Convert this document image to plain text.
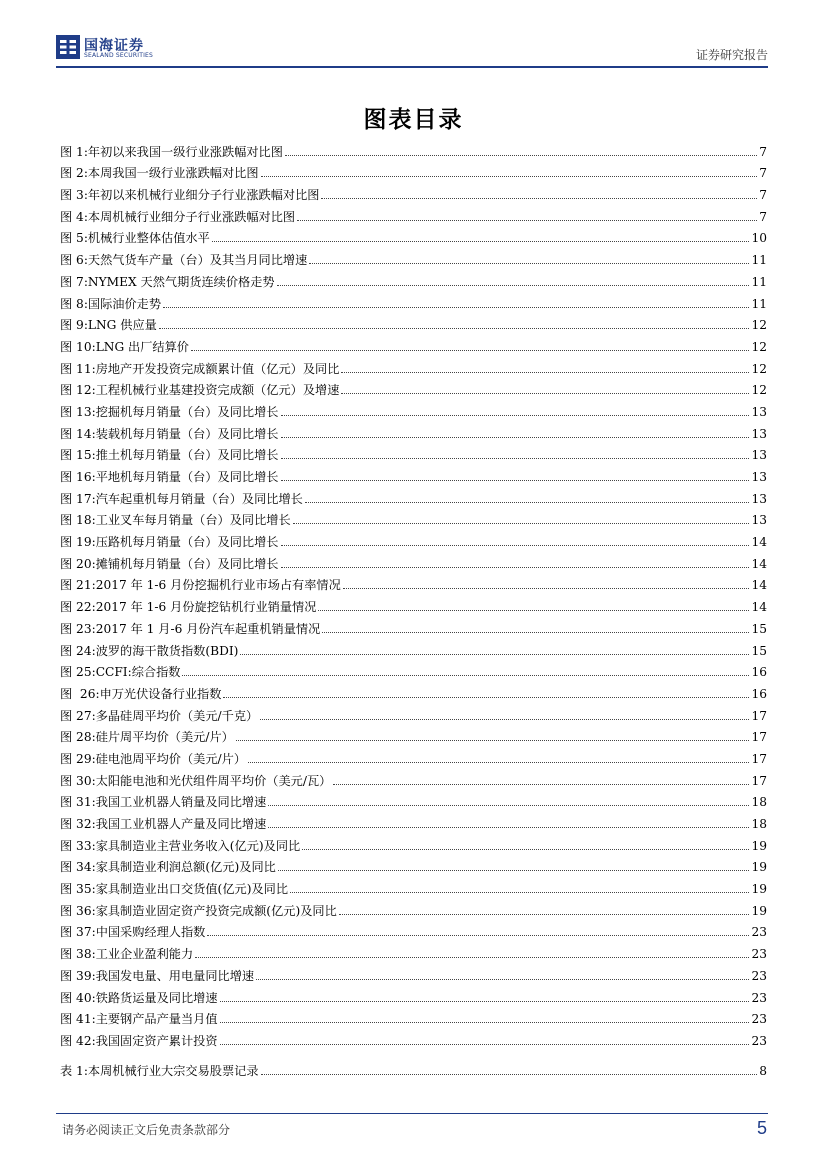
国海证券
SEALAND SECURITIES	证券研究报告
图表目录
图 1: 年初以来我国一级行业涨跌幅对比图	7
图 2: 本周我国一级行业涨跌幅对比图	7
图 3: 年初以来机械行业细分子行业涨跌幅对比图	7
图 4: 本周机械行业细分子行业涨跌幅对比图	7
图 5: 机械行业整体估值水平	10
图 6: 天然气货车产量（台）及其当月同比增速	11
图 7: NYMEX 天然气期货连续价格走势	11
图 8: 国际油价走势	11
图 9: LNG 供应量	12
图 10: LNG 出厂结算价	12
图 11: 房地产开发投资完成额累计值（亿元）及同比	12
图 12: 工程机械行业基建投资完成额（亿元）及增速	12
图 13: 挖掘机每月销量（台）及同比增长	13
图 14: 装载机每月销量（台）及同比增长	13
图 15: 推土机每月销量（台）及同比增长	13
图 16: 平地机每月销量（台）及同比增长	13
图 17: 汽车起重机每月销量（台）及同比增长	13
图 18: 工业叉车每月销量（台）及同比增长	13
图 19: 压路机每月销量（台）及同比增长	14
图 20: 摊铺机每月销量（台）及同比增长	14
图 21: 2017 年 1-6 月份挖掘机行业市场占有率情况	14
图 22: 2017 年 1-6 月份旋挖钻机行业销量情况	14
图 23: 2017 年 1 月-6 月份汽车起重机销量情况	15
图 24: 波罗的海干散货指数(BDI)	15
图 25: CCFI:综合指数	16
图  26: 申万光伏设备行业指数	16
图 27: 多晶硅周平均价（美元/千克）	17
图 28: 硅片周平均价（美元/片）	17
图 29: 硅电池周平均价（美元/片）	17
图 30: 太阳能电池和光伏组件周平均价（美元/瓦）	17
图 31: 我国工业机器人销量及同比增速	18
图 32: 我国工业机器人产量及同比增速	18
图 33: 家具制造业主营业务收入(亿元)及同比	19
图 34: 家具制造业利润总额(亿元)及同比	19
图 35: 家具制造业出口交货值(亿元)及同比	19
图 36: 家具制造业固定资产投资完成额(亿元)及同比	19
图 37: 中国采购经理人指数	23
图 38: 工业企业盈利能力	23
图 39: 我国发电量、用电量同比增速	23
图 40: 铁路货运量及同比增速	23
图 41: 主要钢产品产量当月值	23
图 42: 我国固定资产累计投资	23
表 1: 本周机械行业大宗交易股票记录	8
请务必阅读正文后免责条款部分	5
